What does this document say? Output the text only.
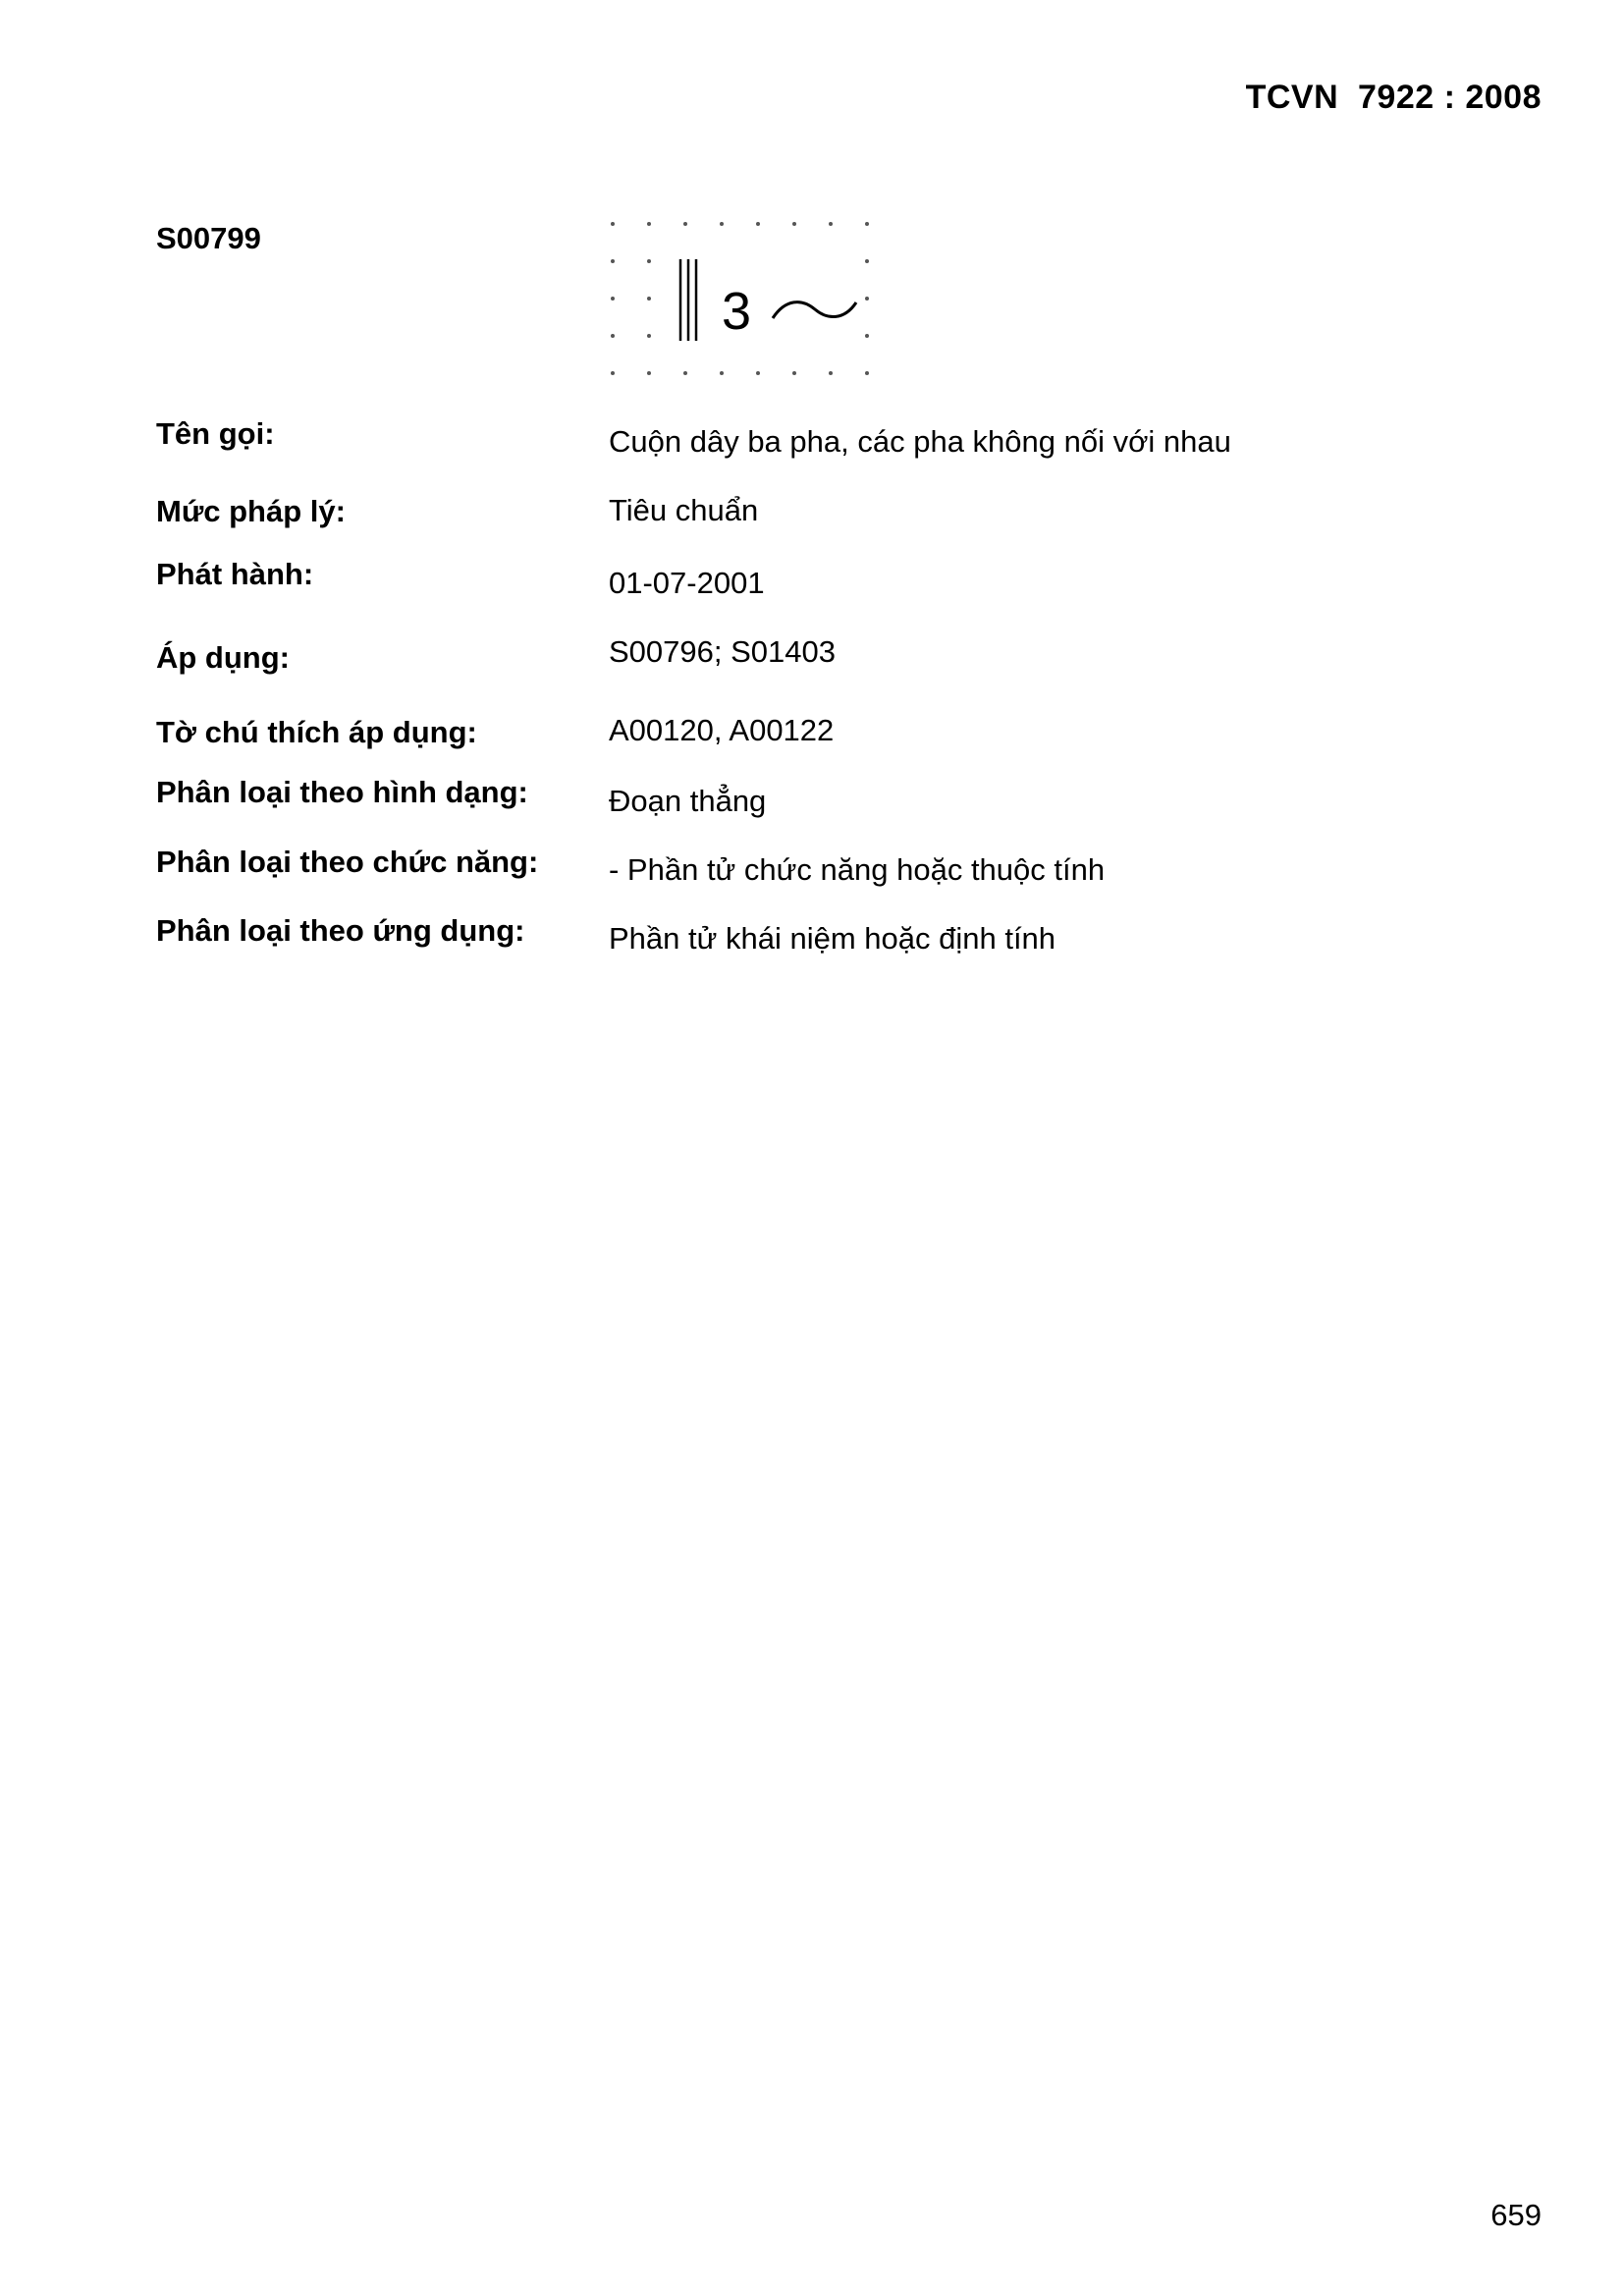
TCVN  7922 : 2008
S00799
3
Tên gọi:	Cuộn dây ba pha, các pha không nối với nhau
Mức pháp lý:	Tiêu chuẩn
Phát hành:	01-07-2001
Áp dụng:	S00796; S01403
Tờ chú thích áp dụng:	A00120, A00122
Phân loại theo hình dạng:	Đoạn thẳng
Phân loại theo chức năng: - Phần tử chức năng hoặc thuộc tính
Phân loại theo ứng dụng:	Phần tử khái niệm hoặc định tính
659
